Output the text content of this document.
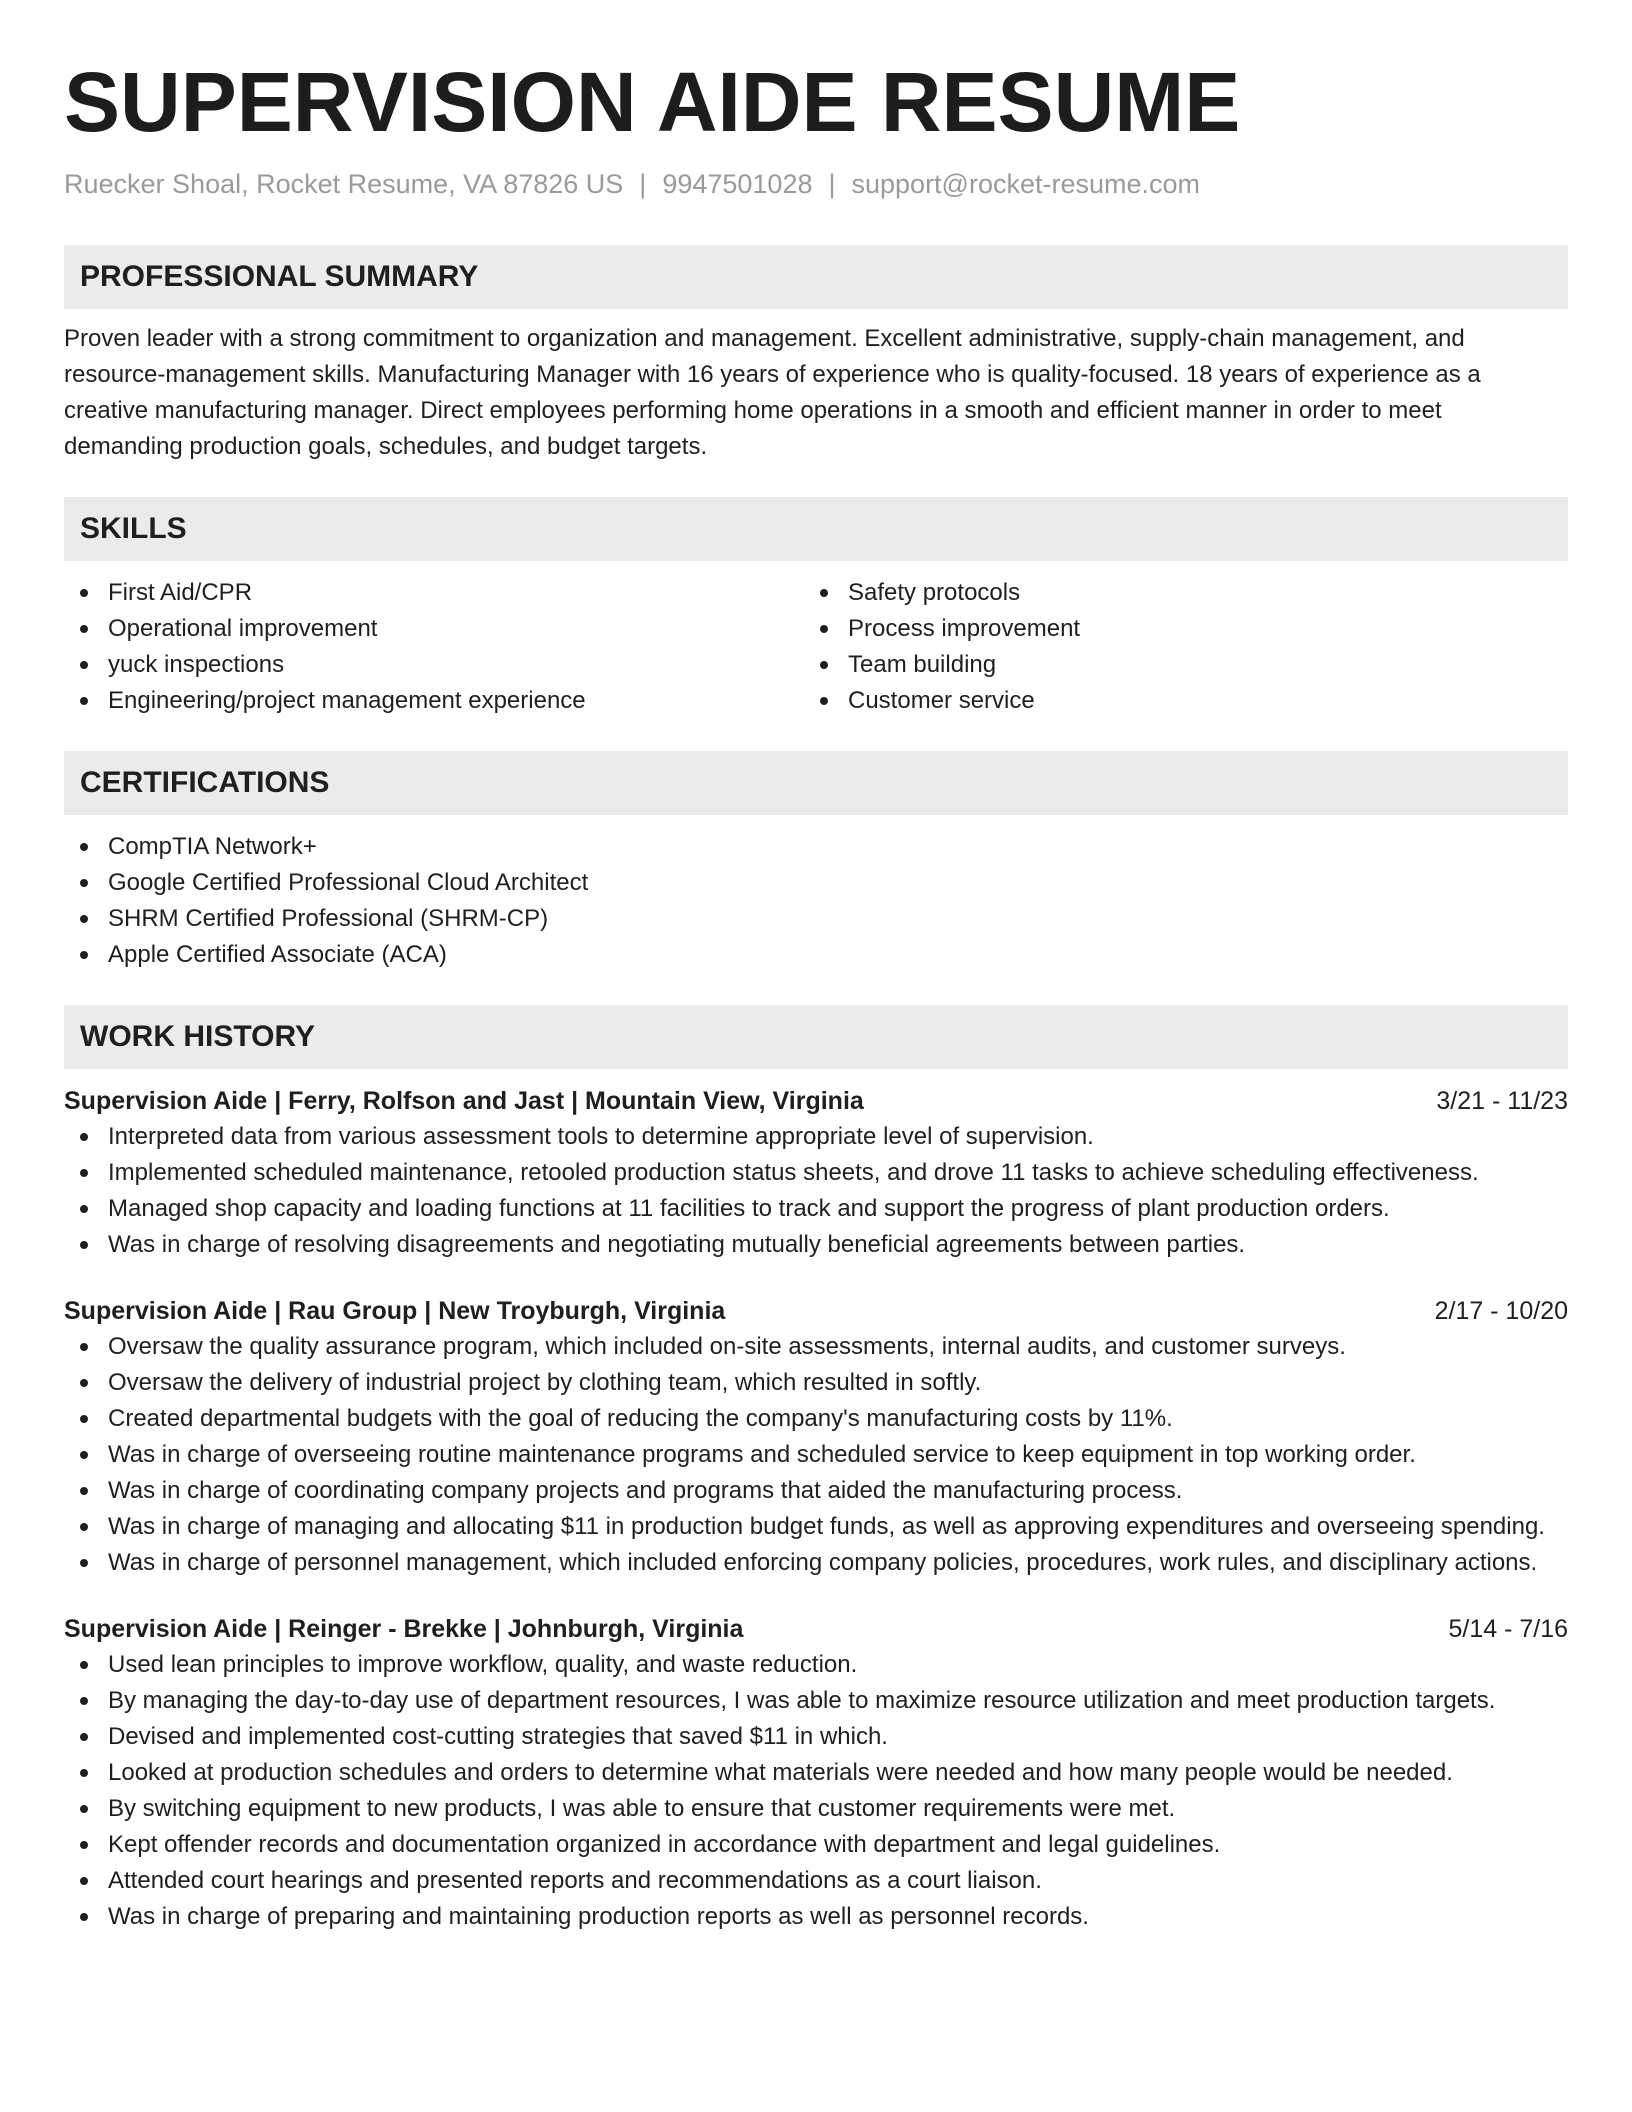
SUPERVISION AIDE RESUME
Ruecker Shoal, Rocket Resume, VA 87826 US | 9947501028 | support@rocket-resume.com
PROFESSIONAL SUMMARY
Proven leader with a strong commitment to organization and management. Excellent administrative, supply-chain management, and
resource-management skills. Manufacturing Manager with 16 years of experience who is quality-focused. 18 years of experience as a
creative manufacturing manager. Direct employees performing home operations in a smooth and efficient manner in order to meet
demanding production goals, schedules, and budget targets.
SKILLS
First Aid/CPR
Operational improvement
yuck inspections
Engineering/project management experience
Safety protocols
Process improvement
Team building
Customer service
CERTIFICATIONS
CompTIA Network+
Google Certified Professional Cloud Architect
SHRM Certified Professional (SHRM-CP)
Apple Certified Associate (ACA)
WORK HISTORY
Supervision Aide | Ferry, Rolfson and Jast | Mountain View, Virginia	3/21 - 11/23
Interpreted data from various assessment tools to determine appropriate level of supervision.
Implemented scheduled maintenance, retooled production status sheets, and drove 11 tasks to achieve scheduling effectiveness.
Managed shop capacity and loading functions at 11 facilities to track and support the progress of plant production orders.
Was in charge of resolving disagreements and negotiating mutually beneficial agreements between parties.
Supervision Aide | Rau Group | New Troyburgh, Virginia	2/17 - 10/20
Oversaw the quality assurance program, which included on-site assessments, internal audits, and customer surveys.
Oversaw the delivery of industrial project by clothing team, which resulted in softly.
Created departmental budgets with the goal of reducing the company's manufacturing costs by 11%.
Was in charge of overseeing routine maintenance programs and scheduled service to keep equipment in top working order.
Was in charge of coordinating company projects and programs that aided the manufacturing process.
Was in charge of managing and allocating $11 in production budget funds, as well as approving expenditures and overseeing spending.
Was in charge of personnel management, which included enforcing company policies, procedures, work rules, and disciplinary actions.
Supervision Aide | Reinger - Brekke | Johnburgh, Virginia	5/14 - 7/16
Used lean principles to improve workflow, quality, and waste reduction.
By managing the day-to-day use of department resources, I was able to maximize resource utilization and meet production targets.
Devised and implemented cost-cutting strategies that saved $11 in which.
Looked at production schedules and orders to determine what materials were needed and how many people would be needed.
By switching equipment to new products, I was able to ensure that customer requirements were met.
Kept offender records and documentation organized in accordance with department and legal guidelines.
Attended court hearings and presented reports and recommendations as a court liaison.
Was in charge of preparing and maintaining production reports as well as personnel records.
